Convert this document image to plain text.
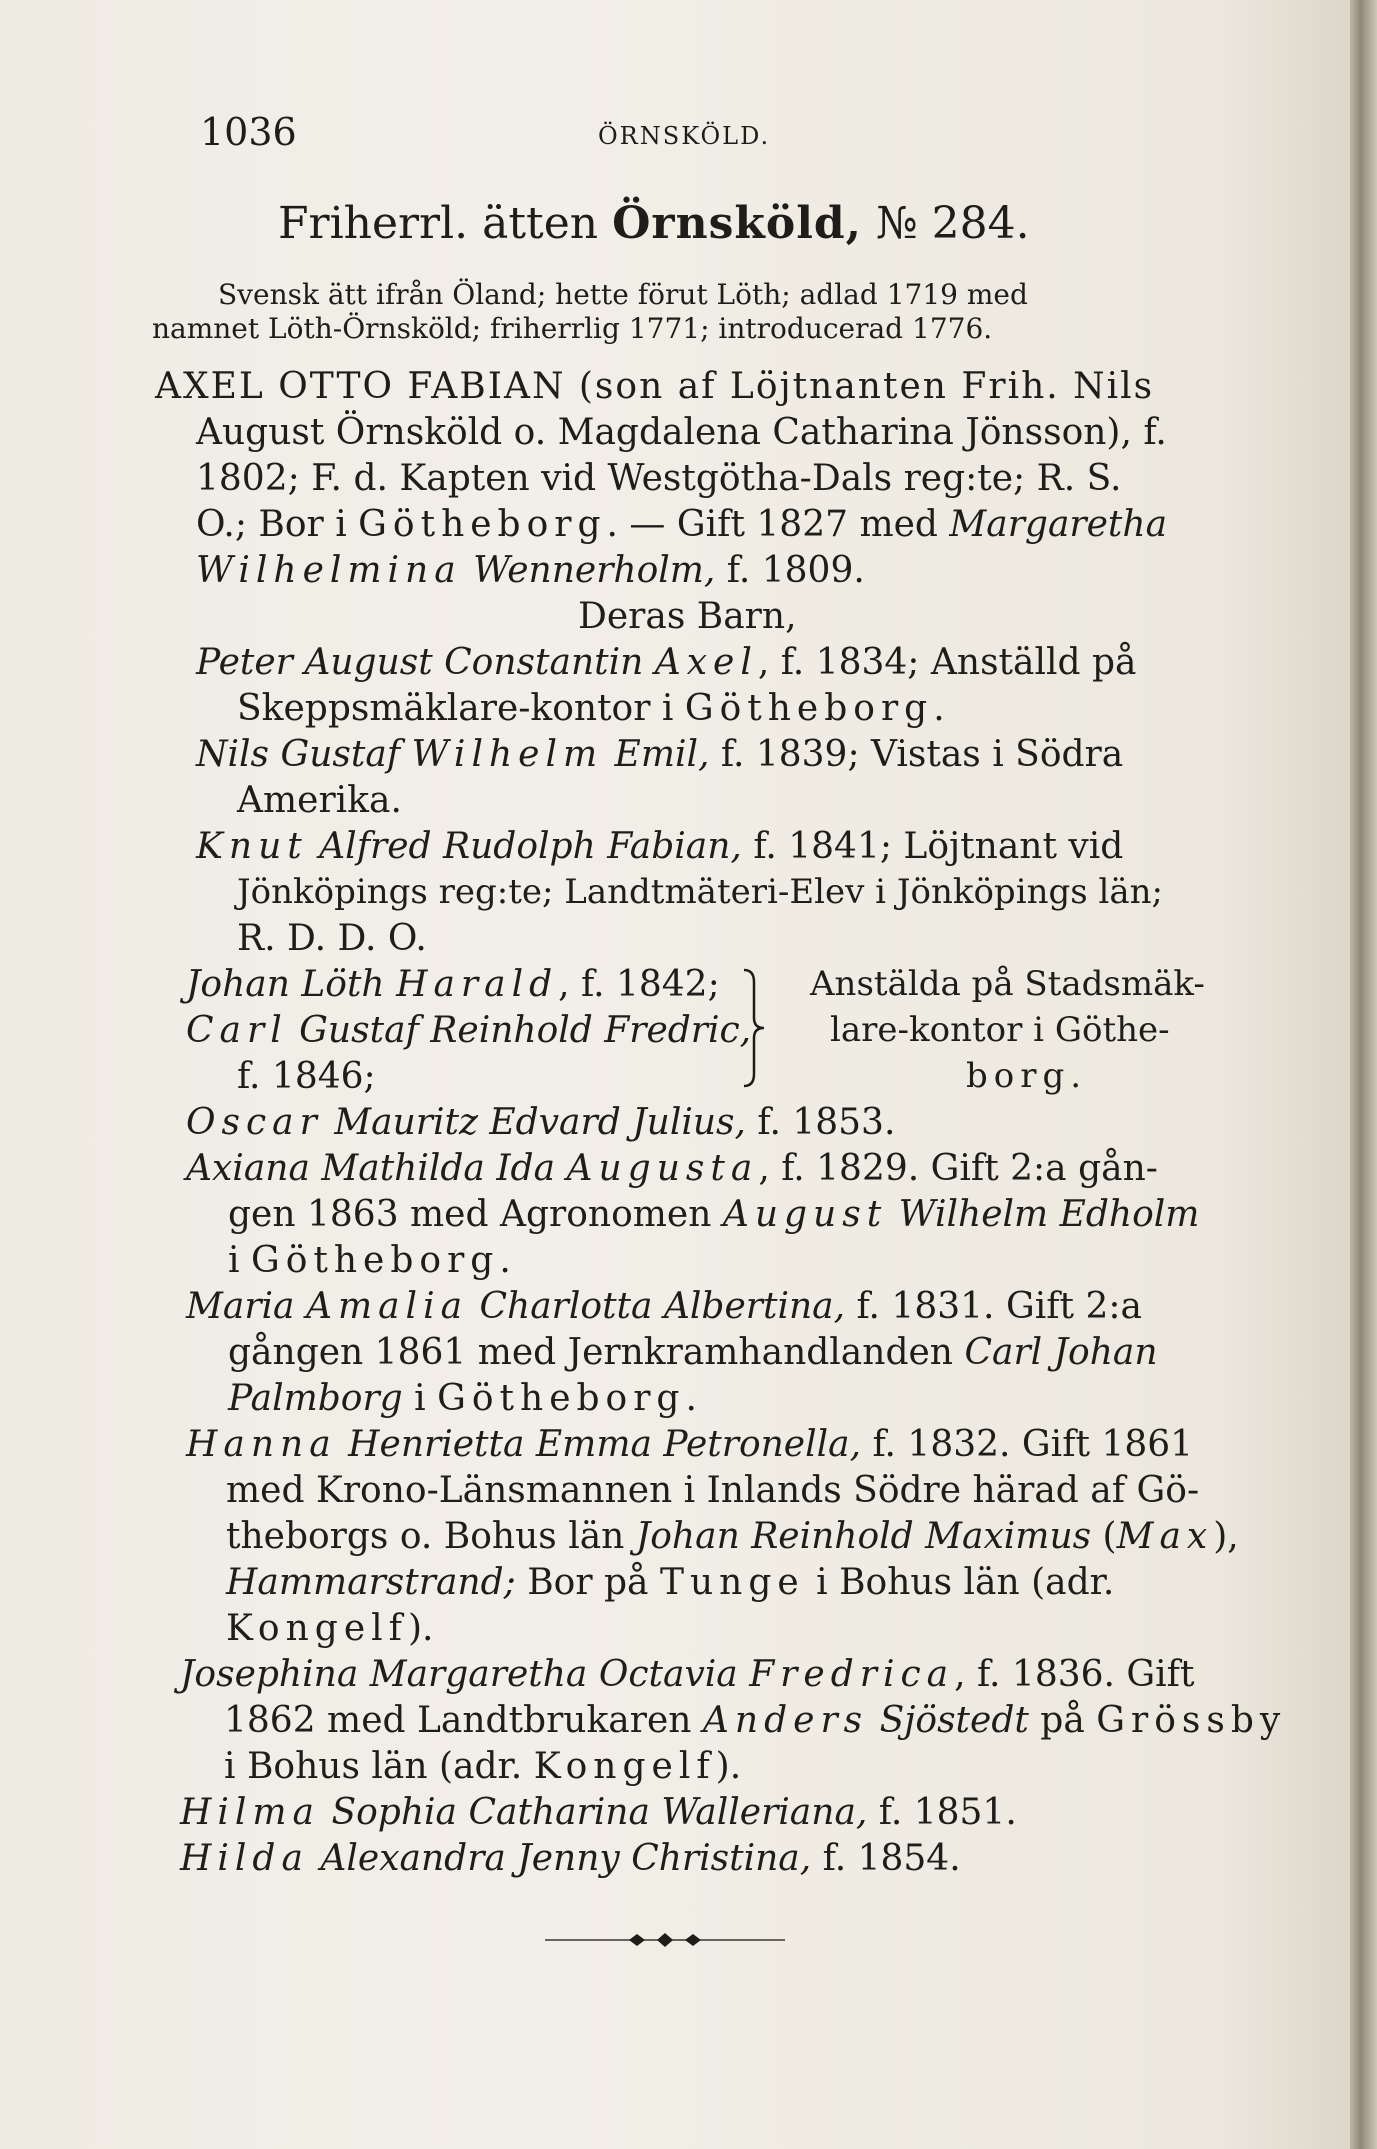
1036	ÖRNSKÖLD.
Friherrl. ätten Örnsköld, № 284.
Svensk ätt ifrån Öland; hette förut Löth; adlad 1719 med
namnet Löth-Örnsköld; friherrlig 1771; introducerad 1776.
AXEL OTTO FABIAN (son af Löjtnanten Frih. Nils
August Örnsköld o. Magdalena Catharina Jönsson), f.
1802; F. d. Kapten vid Westgötha-Dals reg:te; R. S.
O.; Bor i Götheborg. — Gift 1827 med Margaretha
Wilhelmina Wennerholm, f. 1809.
Deras Barn,
Peter August Constantin Axel, f. 1834; Anställd på
Skeppsmäklare-kontor i Götheborg.
Nils Gustaf Wilhelm Emil, f. 1839; Vistas i Södra
Amerika.
Knut Alfred Rudolph Fabian, f. 1841; Löjtnant vid
Jönköpings reg:te; Landtmäteri-Elev i Jönköpings län;
R. D. D. O.
Johan Löth Harald, f. 1842;
Carl Gustaf Reinhold Fredric,
f. 1846;
Anstälda på Stadsmäk-
lare-kontor i Göthe-
borg.
Oscar Mauritz Edvard Julius, f. 1853.
Axiana Mathilda Ida Augusta, f. 1829. Gift 2:a gån-
gen 1863 med Agronomen August Wilhelm Edholm
i Götheborg.
Maria Amalia Charlotta Albertina, f. 1831. Gift 2:a
gången 1861 med Jernkramhandlanden Carl Johan
Palmborg i Götheborg.
Hanna Henrietta Emma Petronella, f. 1832. Gift 1861
med Krono-Länsmannen i Inlands Södre härad af Gö-
theborgs o. Bohus län Johan Reinhold Maximus (Max),
Hammarstrand; Bor på Tunge i Bohus län (adr.
Kongelf).
Josephina Margaretha Octavia Fredrica, f. 1836. Gift
1862 med Landtbrukaren Anders Sjöstedt på Grössby
i Bohus län (adr. Kongelf).
Hilma Sophia Catharina Walleriana, f. 1851.
Hilda Alexandra Jenny Christina, f. 1854.
